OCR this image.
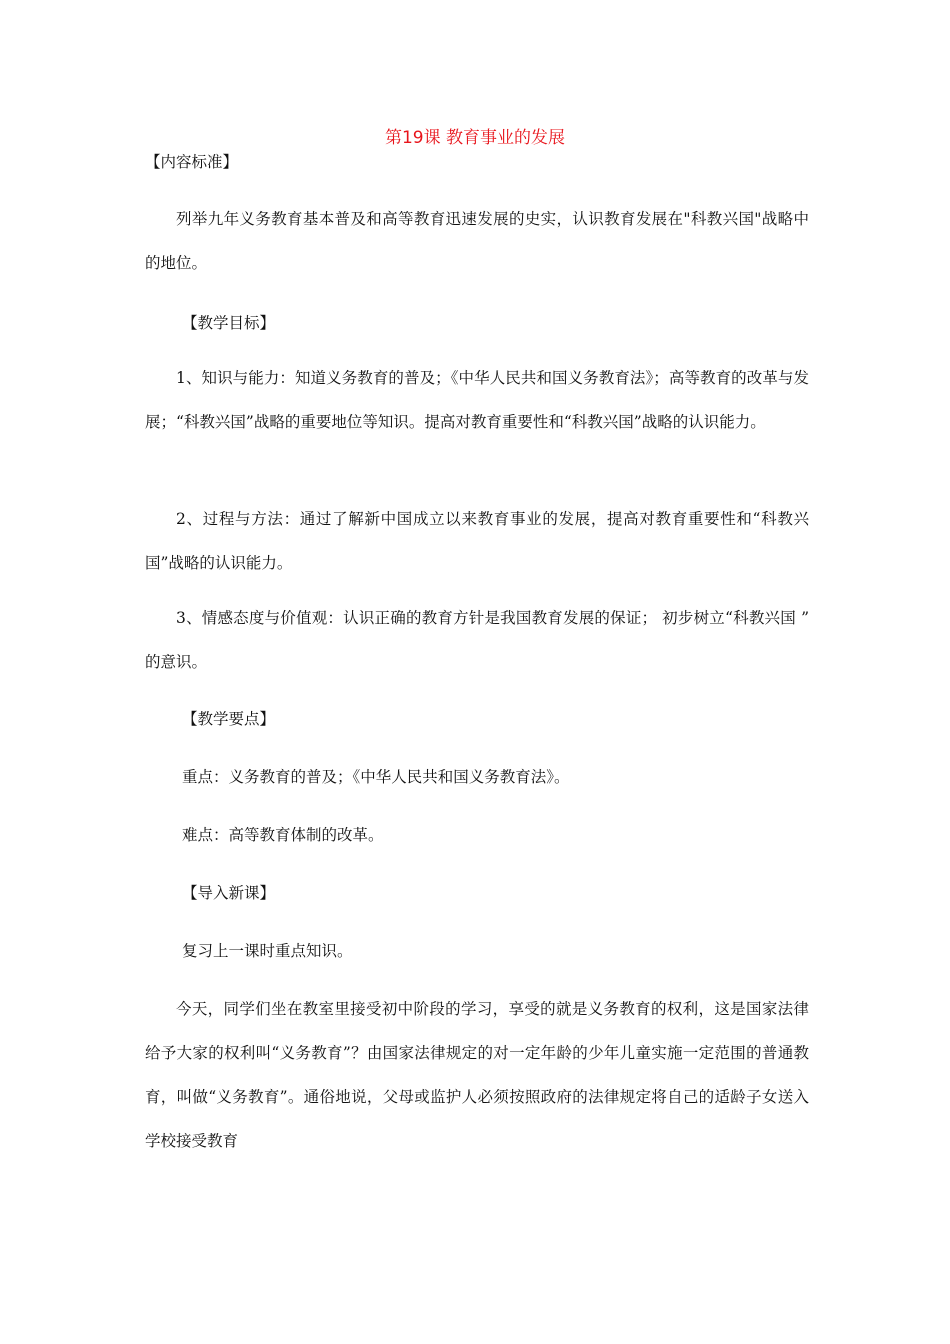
第19课 教育事业的发展
【内容标准】
列举九年义务教育基本普及和高等教育迅速发展的史实，认识教育发展在"科教兴国"战略中的地位。
【教学目标】
1、知识与能力：知道义务教育的普及；《中华人民共和国义务教育法》；高等教育的改革与发展；“科教兴国”战略的重要地位等知识。提高对教育重要性和“科教兴国”战略的认识能力。
2、过程与方法：通过了解新中国成立以来教育事业的发展，提高对教育重要性和“科教兴国”战略的认识能力。
3、情感态度与价值观：认识正确的教育方针是我国教育发展的保证； 初步树立“科教兴国 ” 的意识。
【教学要点】
重点：义务教育的普及；《中华人民共和国义务教育法》。
难点：高等教育体制的改革。
【导入新课】
复习上一课时重点知识。
今天，同学们坐在教室里接受初中阶段的学习，享受的就是义务教育的权利，这是国家法律给予大家的权利叫“义务教育”？由国家法律规定的对一定年龄的少年儿童实施一定范围的普通教育，叫做“义务教育”。通俗地说，父母或监护人必须按照政府的法律规定将自己的适龄子女送入学校接受教育
